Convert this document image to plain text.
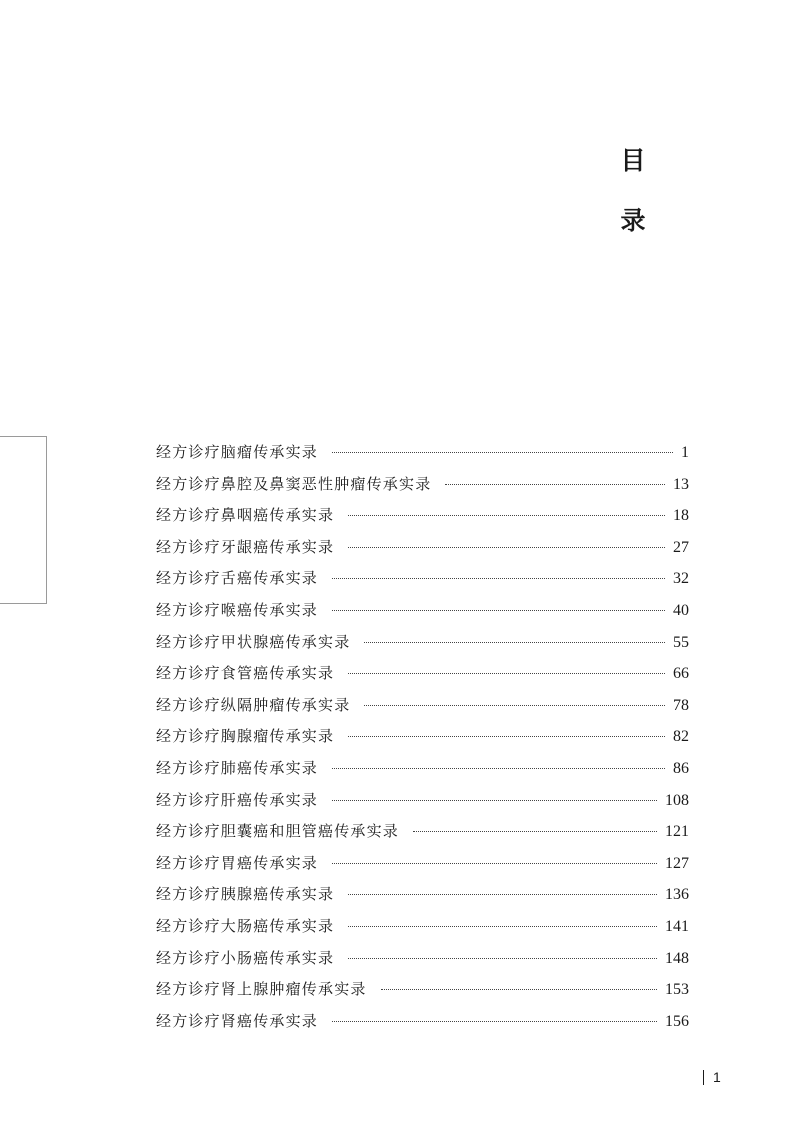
目
录
经方诊疗脑瘤传承实录	1
经方诊疗鼻腔及鼻窦恶性肿瘤传承实录	13
经方诊疗鼻咽癌传承实录	18
经方诊疗牙龈癌传承实录	27
经方诊疗舌癌传承实录	32
经方诊疗喉癌传承实录	40
经方诊疗甲状腺癌传承实录	55
经方诊疗食管癌传承实录	66
经方诊疗纵隔肿瘤传承实录	78
经方诊疗胸腺瘤传承实录	82
经方诊疗肺癌传承实录	86
经方诊疗肝癌传承实录	108
经方诊疗胆囊癌和胆管癌传承实录	121
经方诊疗胃癌传承实录	127
经方诊疗胰腺癌传承实录	136
经方诊疗大肠癌传承实录	141
经方诊疗小肠癌传承实录	148
经方诊疗肾上腺肿瘤传承实录	153
经方诊疗肾癌传承实录	156
1
